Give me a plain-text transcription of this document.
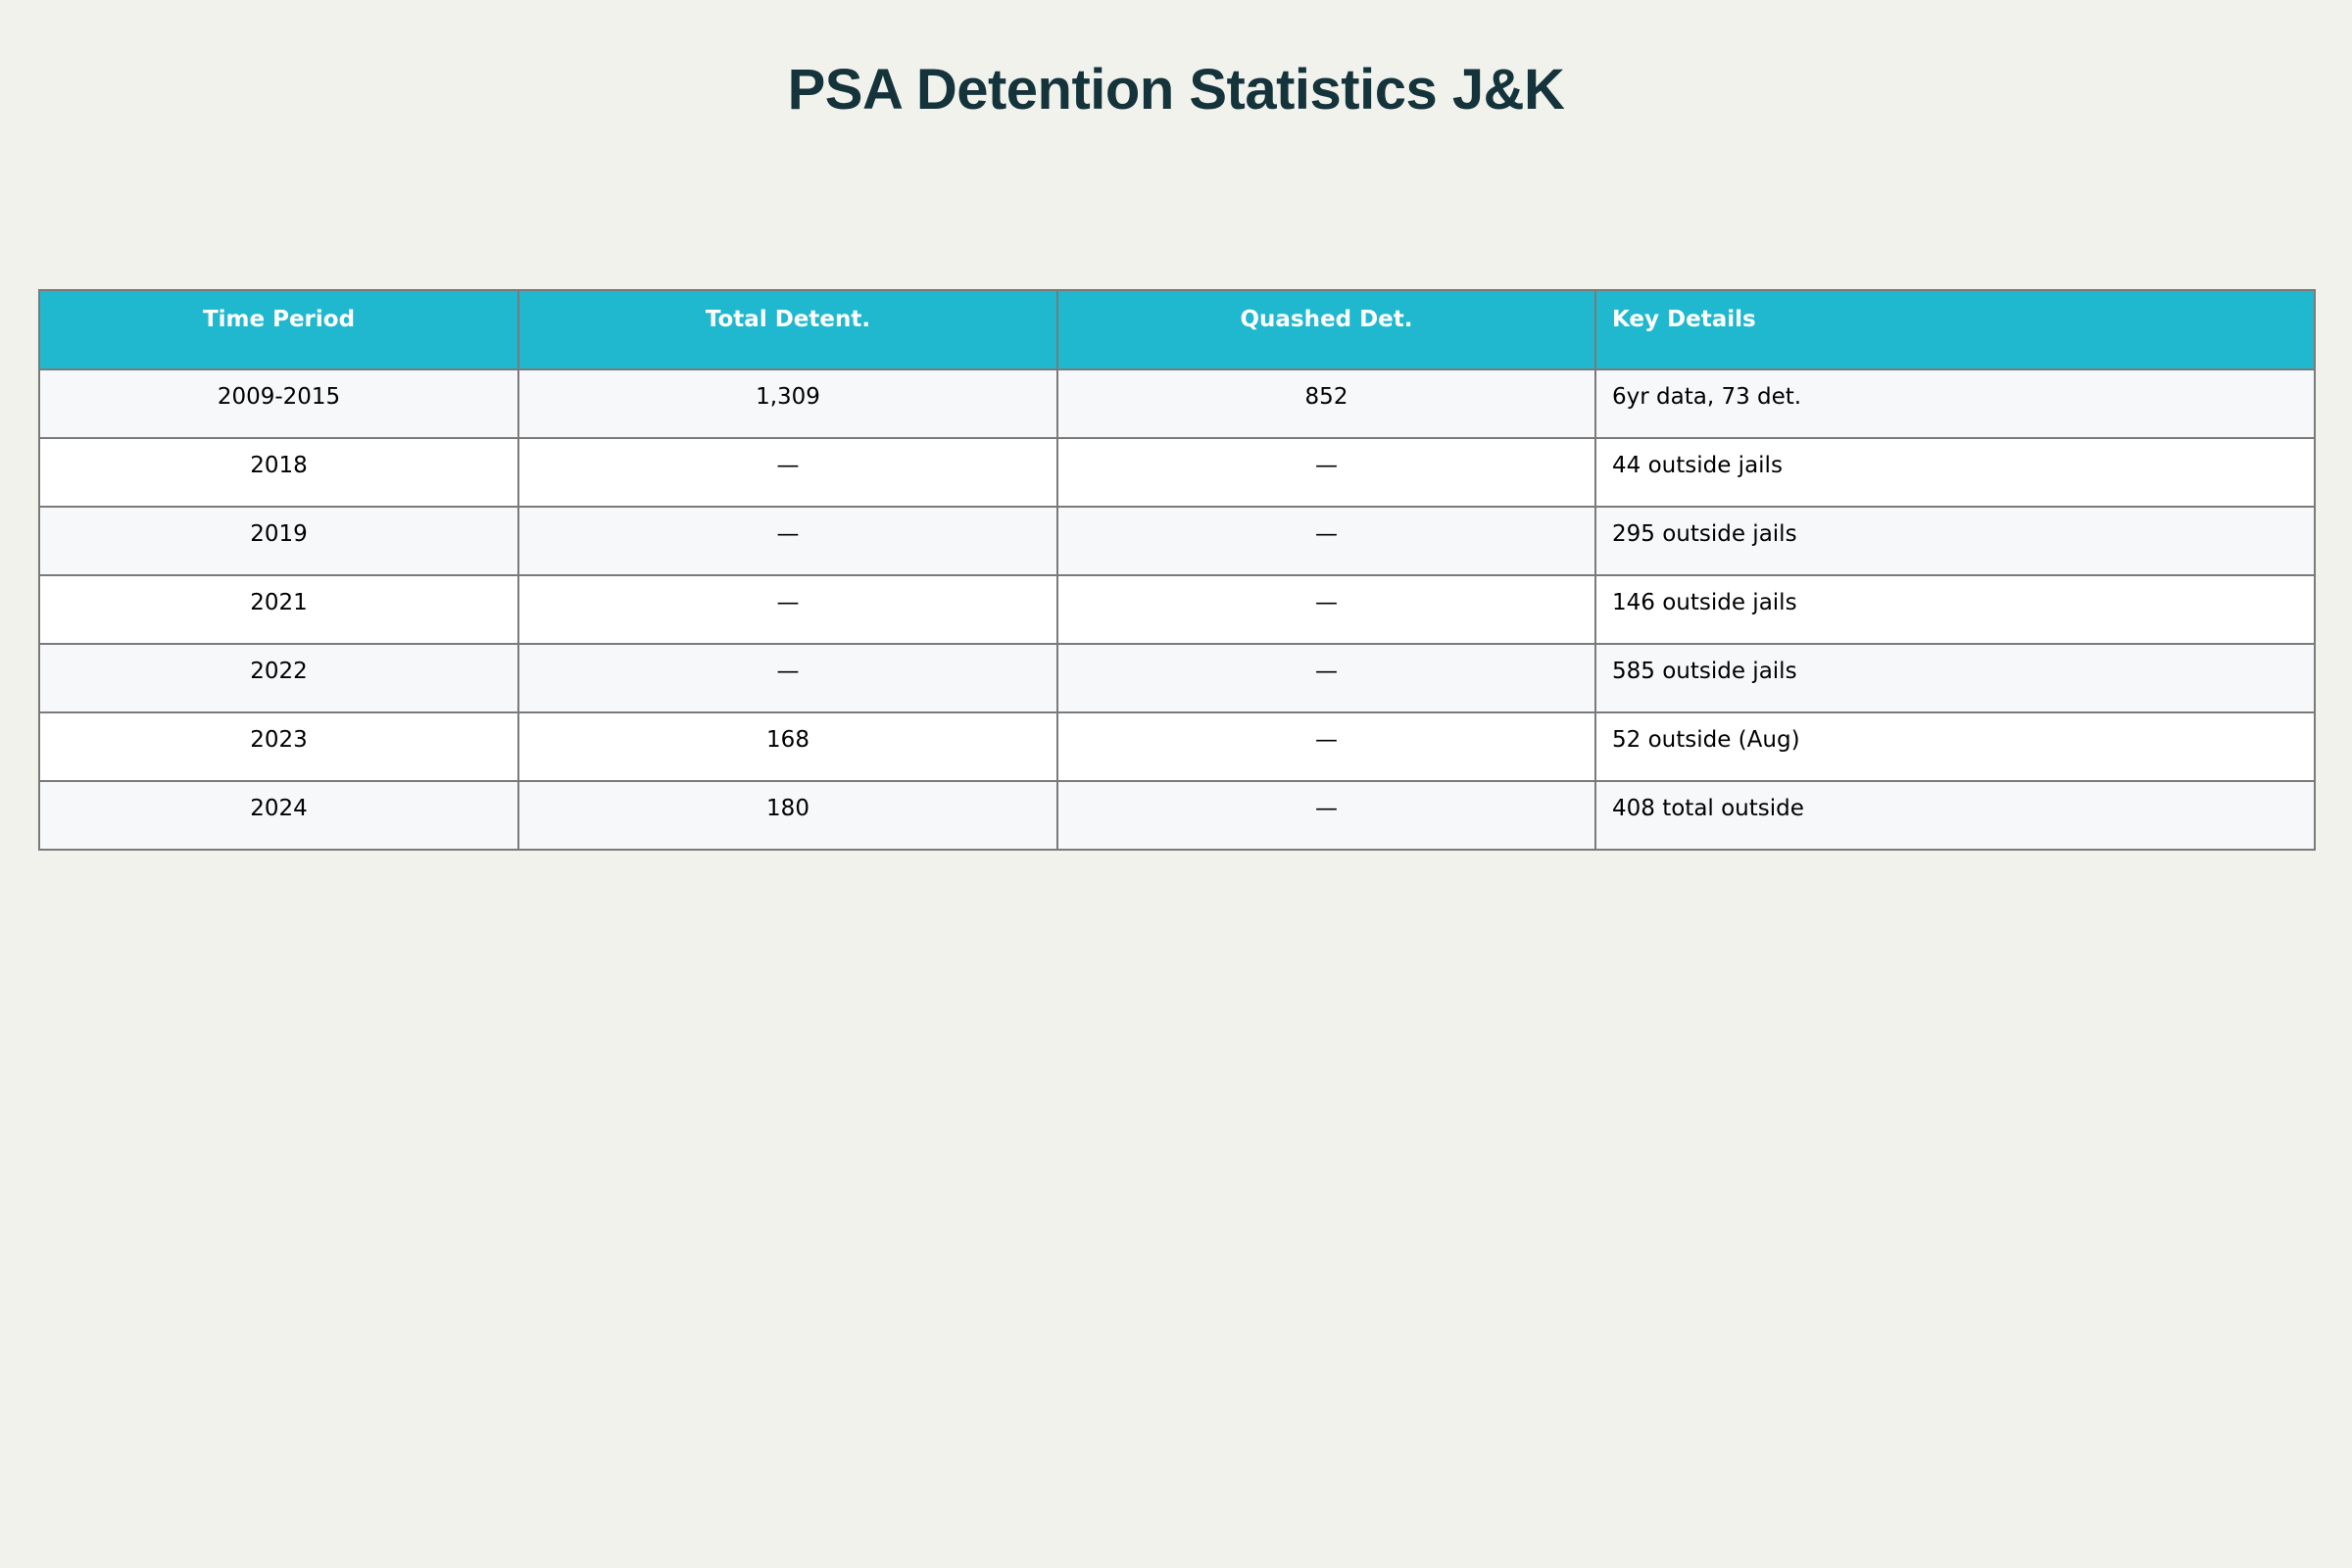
PSA Detention Statistics J&K
Time Period	Total Detent.	Quashed Det.	Key Details
2009-2015	1,309	852	6yr data, 73 det.
2018	—	—	44 outside jails
2019	—	—	295 outside jails
2021	—	—	146 outside jails
2022	—	—	585 outside jails
2023	168	—	52 outside (Aug)
2024	180	—	408 total outside
